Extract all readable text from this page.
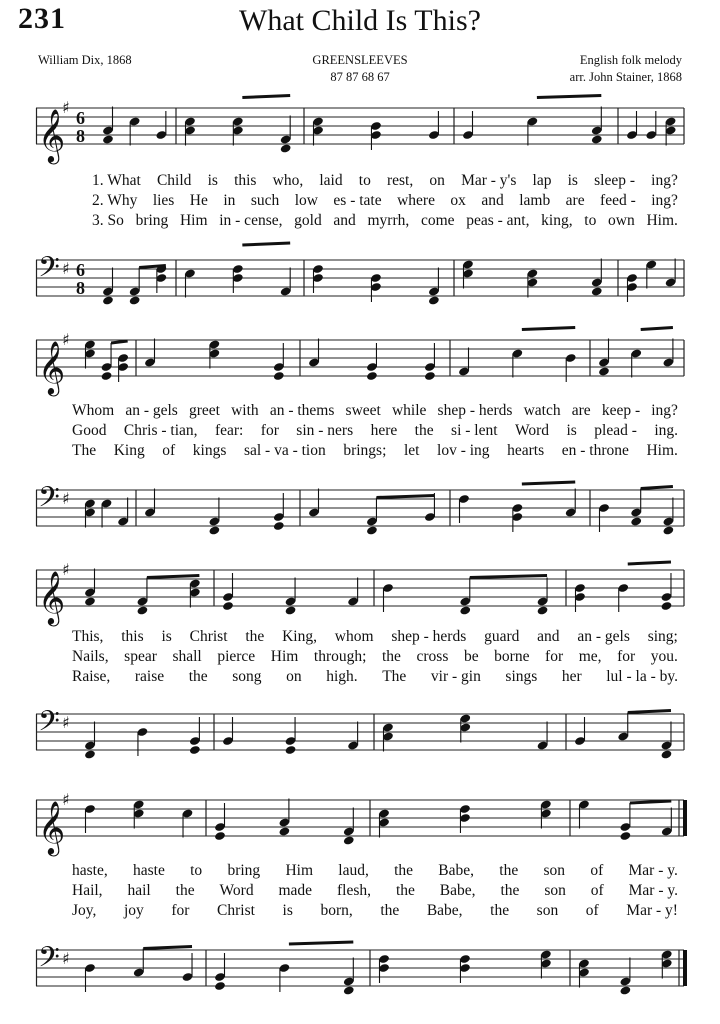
231	What Child Is This?
William Dix, 1868	GREENSLEEVES
87 87 68 67
English folk melody
arr. John Stainer, 1868
𝄞
♯
6
8
1. What Child is this who, laid to rest, on Mar - y's lap is sleep - ing?
2. Why lies He in such low es - tate where ox and lamb are feed - ing?
3. So bring Him in - cense, gold and myrrh, come peas - ant, king, to own Him.
𝄢 ♯ 6
8
𝄞
♯
Whom an - gels greet with an - thems sweet while shep - herds watch are keep - ing?
Good Chris - tian, fear: for sin - ners here the si - lent Word is plead - ing.
The King of kings sal - va - tion brings; let lov - ing hearts en - throne Him.
𝄢 ♯
𝄞
♯
This, this is Christ the King, whom shep - herds guard and an - gels sing;
Nails, spear shall pierce Him through; the cross be borne for me, for you.
Raise, raise the song on high. The vir - gin sings her lul - la - by.
𝄢 ♯
𝄞
♯
haste, haste to bring Him laud, the Babe, the son of Mar - y.
Hail, hail the Word made flesh, the Babe, the son of Mar - y.
Joy, joy for Christ is born, the Babe, the son of Mar - y!
𝄢 ♯
